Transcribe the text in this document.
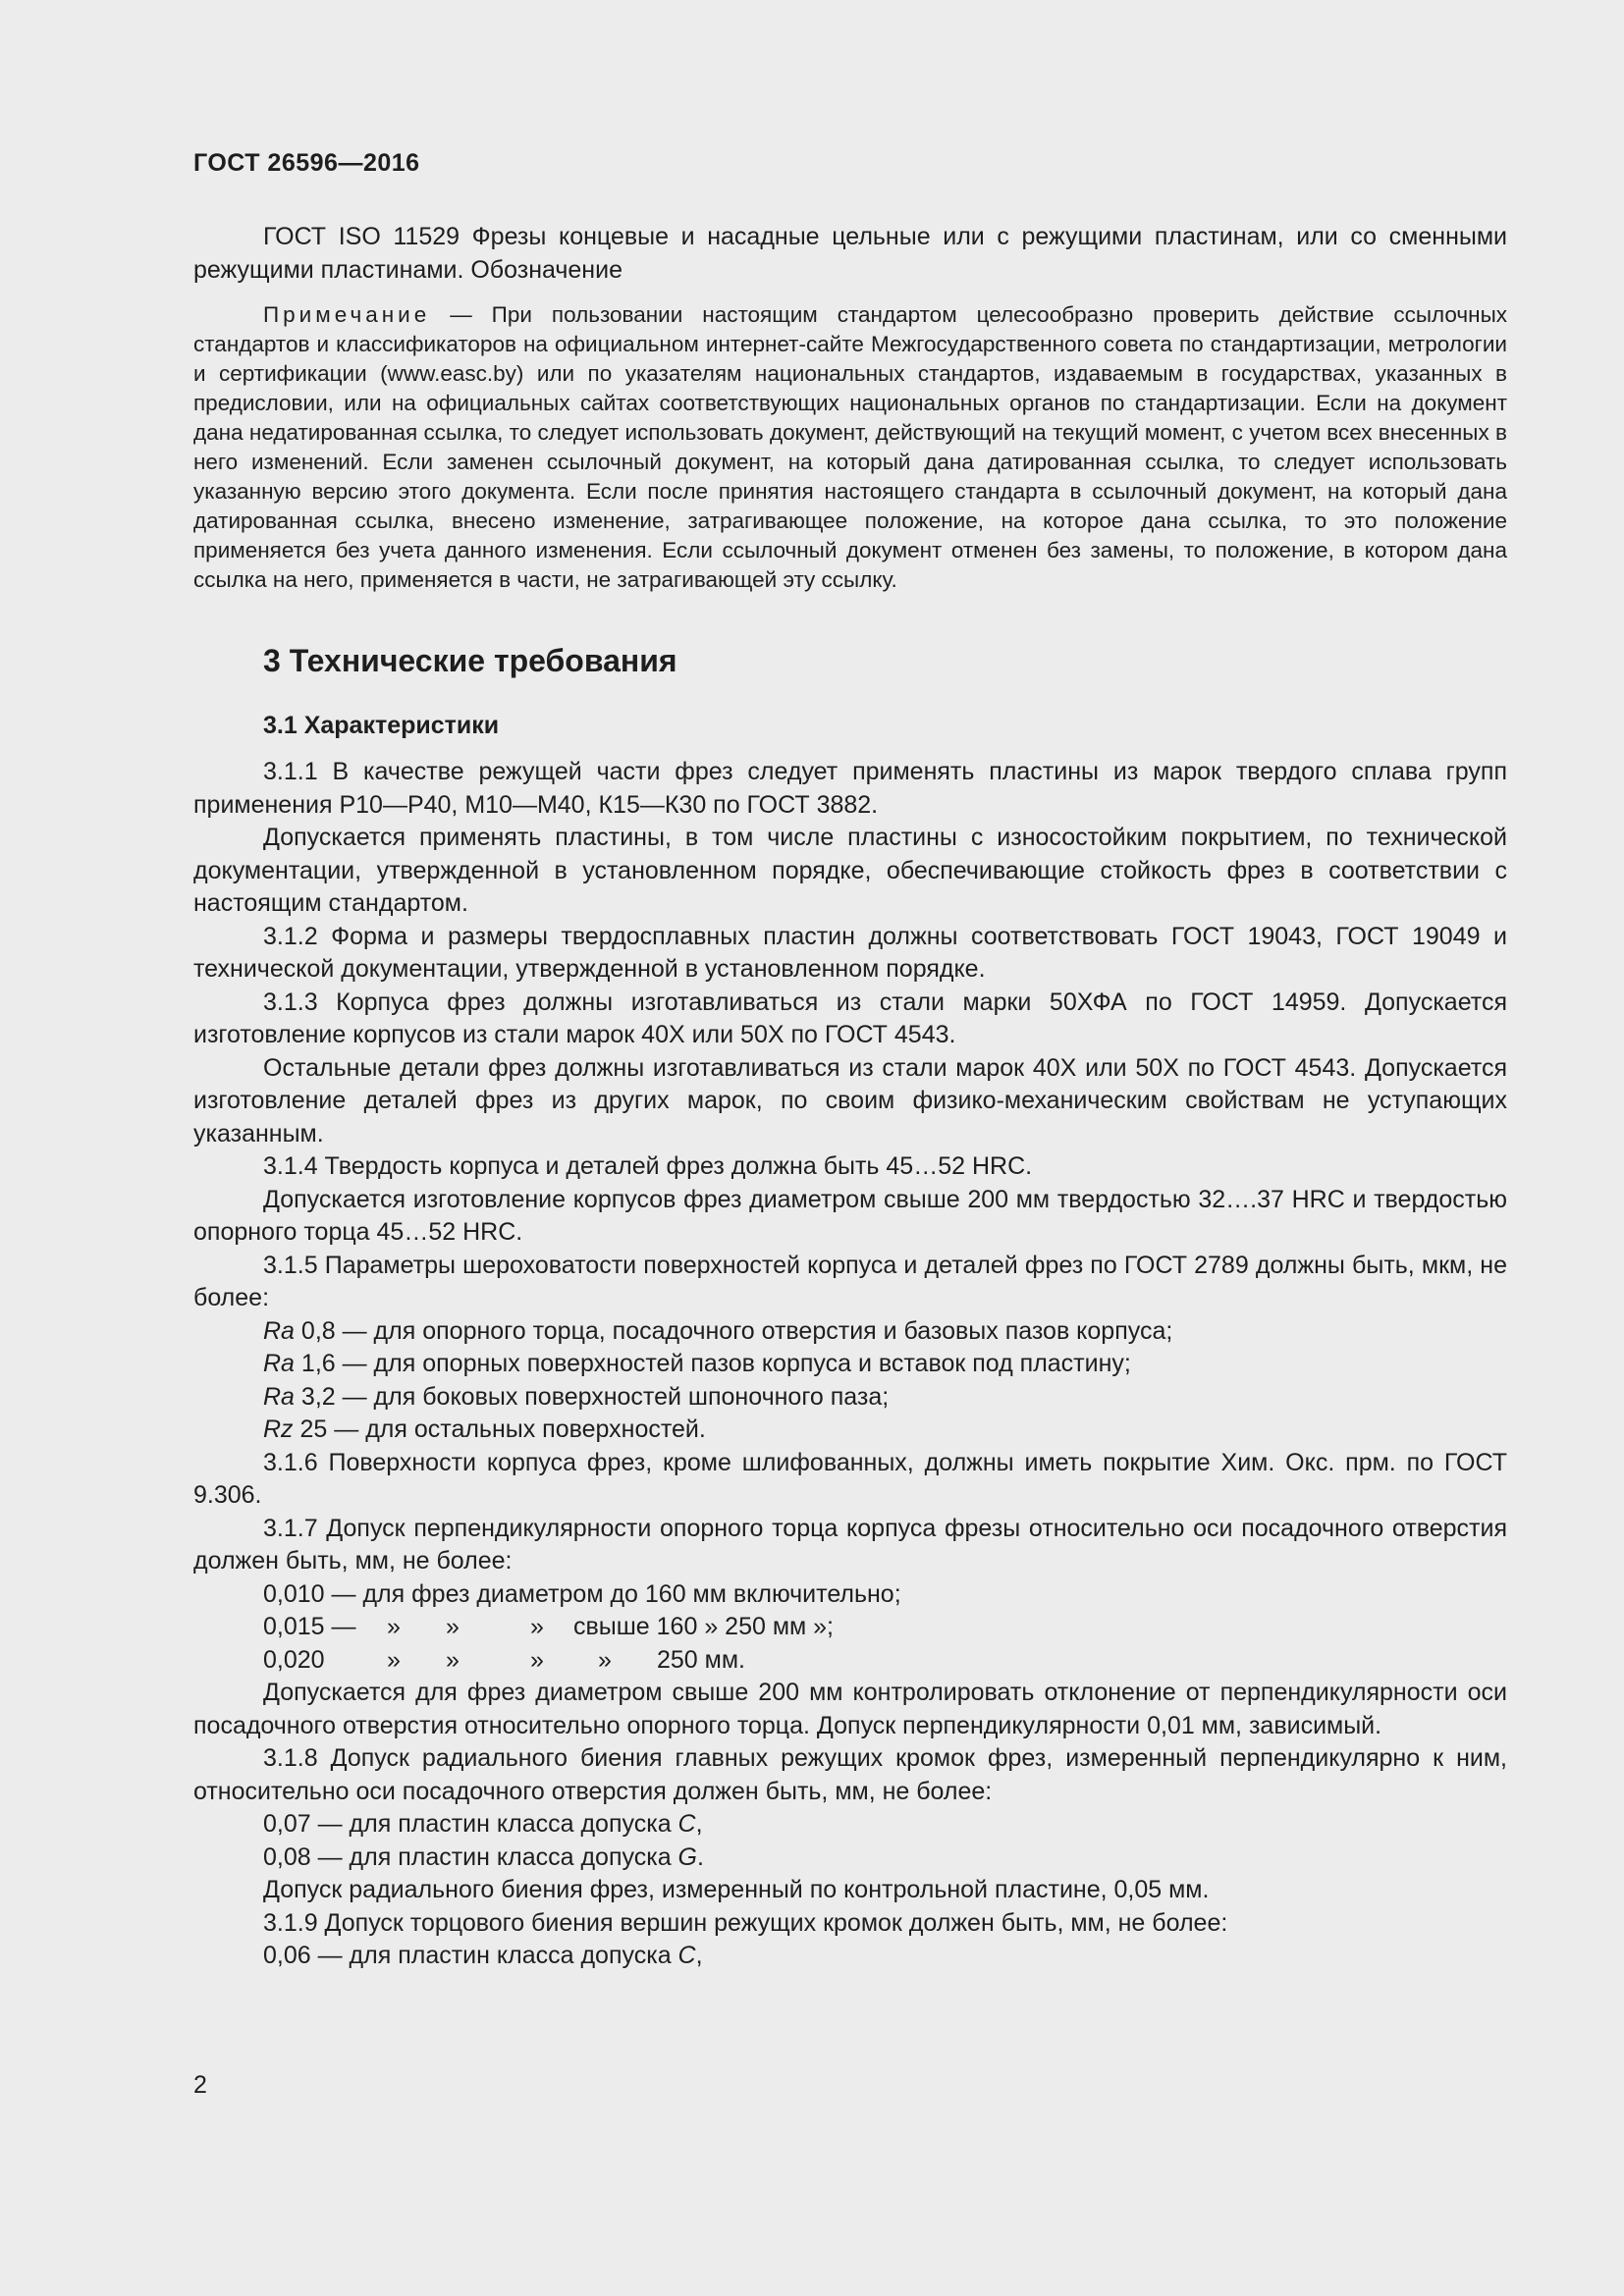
ГОСТ 26596—2016

ГОСТ ISO 11529 Фрезы концевые и насадные цельные или с режущими пластинам, или со сменными режущими пластинами. Обозначение

Примечание — При пользовании настоящим стандартом целесообразно проверить действие ссылочных стандартов и классификаторов на официальном интернет-сайте Межгосударственного совета по стандартизации, метрологии и сертификации (www.easc.by) или по указателям национальных стандартов, издаваемым в государствах, указанных в предисловии, или на официальных сайтах соответствующих национальных органов по стандартизации. Если на документ дана недатированная ссылка, то следует использовать документ, действующий на текущий момент, с учетом всех внесенных в него изменений. Если заменен ссылочный документ, на который дана датированная ссылка, то следует использовать указанную версию этого документа. Если после принятия настоящего стандарта в ссылочный документ, на который дана датированная ссылка, внесено изменение, затрагивающее положение, на которое дана ссылка, то это положение применяется без учета данного изменения. Если ссылочный документ отменен без замены, то положение, в котором дана ссылка на него, применяется в части, не затрагивающей эту ссылку.

3 Технические требования
3.1 Характеристики

3.1.1 В качестве режущей части фрез следует применять пластины из марок твердого сплава групп применения Р10—Р40, М10—М40, К15—К30 по ГОСТ 3882.

Допускается применять пластины, в том числе пластины с износостойким покрытием, по технической документации, утвержденной в установленном порядке, обеспечивающие стойкость фрез в соответствии с настоящим стандартом.

3.1.2 Форма и размеры твердосплавных пластин должны соответствовать ГОСТ 19043, ГОСТ 19049 и технической документации, утвержденной в установленном порядке.

3.1.3 Корпуса фрез должны изготавливаться из стали марки 50ХФА по ГОСТ 14959. Допускается изготовление корпусов из стали марок 40Х или 50Х по ГОСТ 4543.

Остальные детали фрез должны изготавливаться из стали марок 40Х или 50Х по ГОСТ 4543. Допускается изготовление деталей фрез из других марок, по своим физико-механическим свойствам не уступающих указанным.

3.1.4 Твердость корпуса и деталей фрез должна быть 45…52 HRC.

Допускается изготовление корпусов фрез диаметром свыше 200 мм твердостью 32….37 HRC и твердостью опорного торца 45…52 HRC.

3.1.5 Параметры шероховатости поверхностей корпуса и деталей фрез по ГОСТ 2789 должны быть, мкм, не более:

Ra 0,8 — для опорного торца, посадочного отверстия и базовых пазов корпуса;
Ra 1,6 — для опорных поверхностей пазов корпуса и вставок под пластину;
Ra 3,2 — для боковых поверхностей шпоночного паза;
Rz 25 — для остальных поверхностей.

3.1.6 Поверхности корпуса фрез, кроме шлифованных, должны иметь покрытие Хим. Окс. прм. по ГОСТ 9.306.

3.1.7 Допуск перпендикулярности опорного торца корпуса фрезы относительно оси посадочного отверстия должен быть, мм, не более:

0,010 — для фрез диаметром до 160 мм включительно;
0,015 —	»	»	»	свыше 160 » 250 мм »;
0,020	»	»	»	»	250 мм.

Допускается для фрез диаметром свыше 200 мм контролировать отклонение от перпендикулярности оси посадочного отверстия относительно опорного торца. Допуск перпендикулярности 0,01 мм, зависимый.

3.1.8 Допуск радиального биения главных режущих кромок фрез, измеренный перпендикулярно к ним, относительно оси посадочного отверстия должен быть, мм, не более:

0,07 — для пластин класса допуска C,
0,08 — для пластин класса допуска G.

Допуск радиального биения фрез, измеренный по контрольной пластине, 0,05 мм.

3.1.9 Допуск торцового биения вершин режущих кромок должен быть, мм, не более:

0,06 — для пластин класса допуска C,
2
